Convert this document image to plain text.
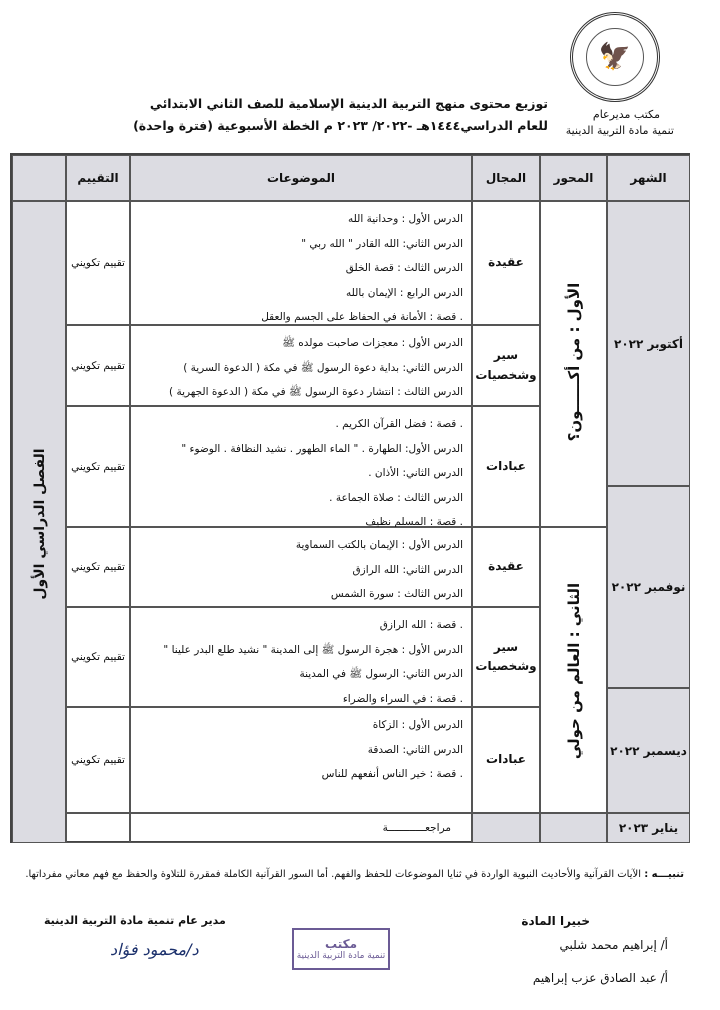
🦅
مكتب مديرعام
تنمية مادة التربية الدينية
توزيع محتوى منهج التربية الدينية الإسلامية للصف الثاني الابتدائي
للعام الدراسي١٤٤٤هـ -٢٠٢٢/ ٢٠٢٣ م الخطة الأسبوعية (فترة واحدة)
الشهر
المحور
المجال
الموضوعات
التقييم
الفصل الدراسي الأول
أكتوبر ٢٠٢٢
نوفمبر ٢٠٢٢
ديسمبر ٢٠٢٢
يناير ٢٠٢٣
الأول : من أكــــــون؟
الثاني : العالم من حولي
عقيدة
الدرس الأول : وحدانية الله
الدرس الثاني: الله القادر " الله ربي "
الدرس الثالث : قصة الخلق
الدرس الرابع : الإيمان بالله
. قصة : الأمانة في الحفاظ على الجسم والعقل
تقييم تكويني
سير وشخصيات
الدرس الأول : معجزات صاحبت مولده ﷺ
الدرس الثاني: بداية دعوة الرسول ﷺ في مكة ( الدعوة السرية )
الدرس الثالث : انتشار دعوة الرسول ﷺ في مكة ( الدعوة الجهرية )
تقييم تكويني
عبادات
. قصة : فضل القرآن الكريم .
الدرس الأول: الطهارة . " الماء الطهور . نشيد النظافة . الوضوء "
الدرس الثاني: الأذان .
الدرس الثالث : صلاة الجماعة .
. قصة : المسلم نظيف
تقييم تكويني
عقيدة
الدرس الأول : الإيمان بالكتب السماوية
الدرس الثاني: الله الرازق
الدرس الثالث : سورة الشمس
تقييم تكويني
سير وشخصيات
. قصة : الله الرازق
الدرس الأول : هجرة الرسول ﷺ إلى المدينة " نشيد طلع البدر علينا "
الدرس الثاني: الرسول ﷺ في المدينة
. قصة : في السراء والضراء
تقييم تكويني
عبادات
الدرس الأول : الزكاة
الدرس الثاني: الصدقة
. قصة : خير الناس أنفعهم للناس
تقييم تكويني
مراجعــــــــــــة
تنبيـــه : الآيات القرآنية والأحاديث النبوية الواردة في ثنايا الموضوعات للحفظ والفهم. أما السور القرآنية الكاملة فمقررة للتلاوة والحفظ مع فهم معاني مفرداتها.
خبيرا المادة
أ/ إبراهيم محمد شلبي
أ/ عبد الصادق عزب إبراهيم
مدير عام تنمية مادة التربية الدينية
د/محمود فؤاد	مكتب
تنمية مادة التربية الدينية
